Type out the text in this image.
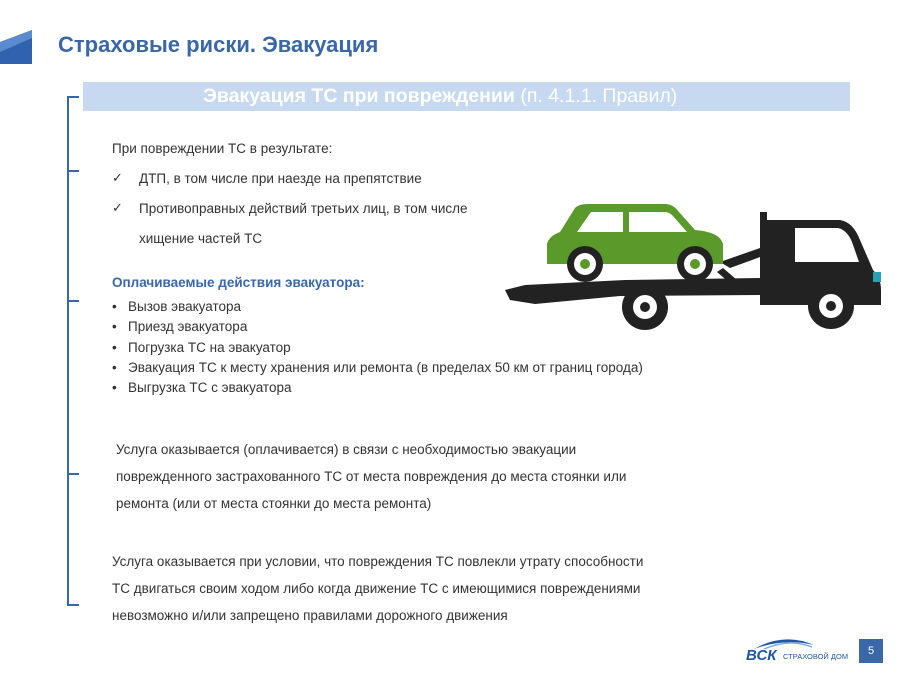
Страховые риски. Эвакуация
Эвакуация ТС при повреждении (п. 4.1.1. Правил)
При повреждении ТС в результате:
✓ ДТП, в том числе при наезде на препятствие
✓ Противоправных действий третьих лиц, в том числе
хищение частей ТС
Оплачиваемые действия эвакуатора:
• Вызов эвакуатора
• Приезд эвакуатора
• Погрузка ТС на эвакуатор
• Эвакуация ТС к месту хранения или ремонта (в пределах 50 км от границ города)
• Выгрузка ТС с эвакуатора
Услуга оказывается (оплачивается) в связи с необходимостью эвакуации
поврежденного застрахованного ТС от места повреждения до места стоянки или
ремонта (или от места стоянки до места ремонта)
Услуга оказывается при условии, что повреждения ТС повлекли утрату способности
ТС двигаться своим ходом либо когда движение ТС с имеющимися повреждениями
невозможно и/или запрещено правилами дорожного движения
ВСК СТРАХОВОЙ ДОМ	5
